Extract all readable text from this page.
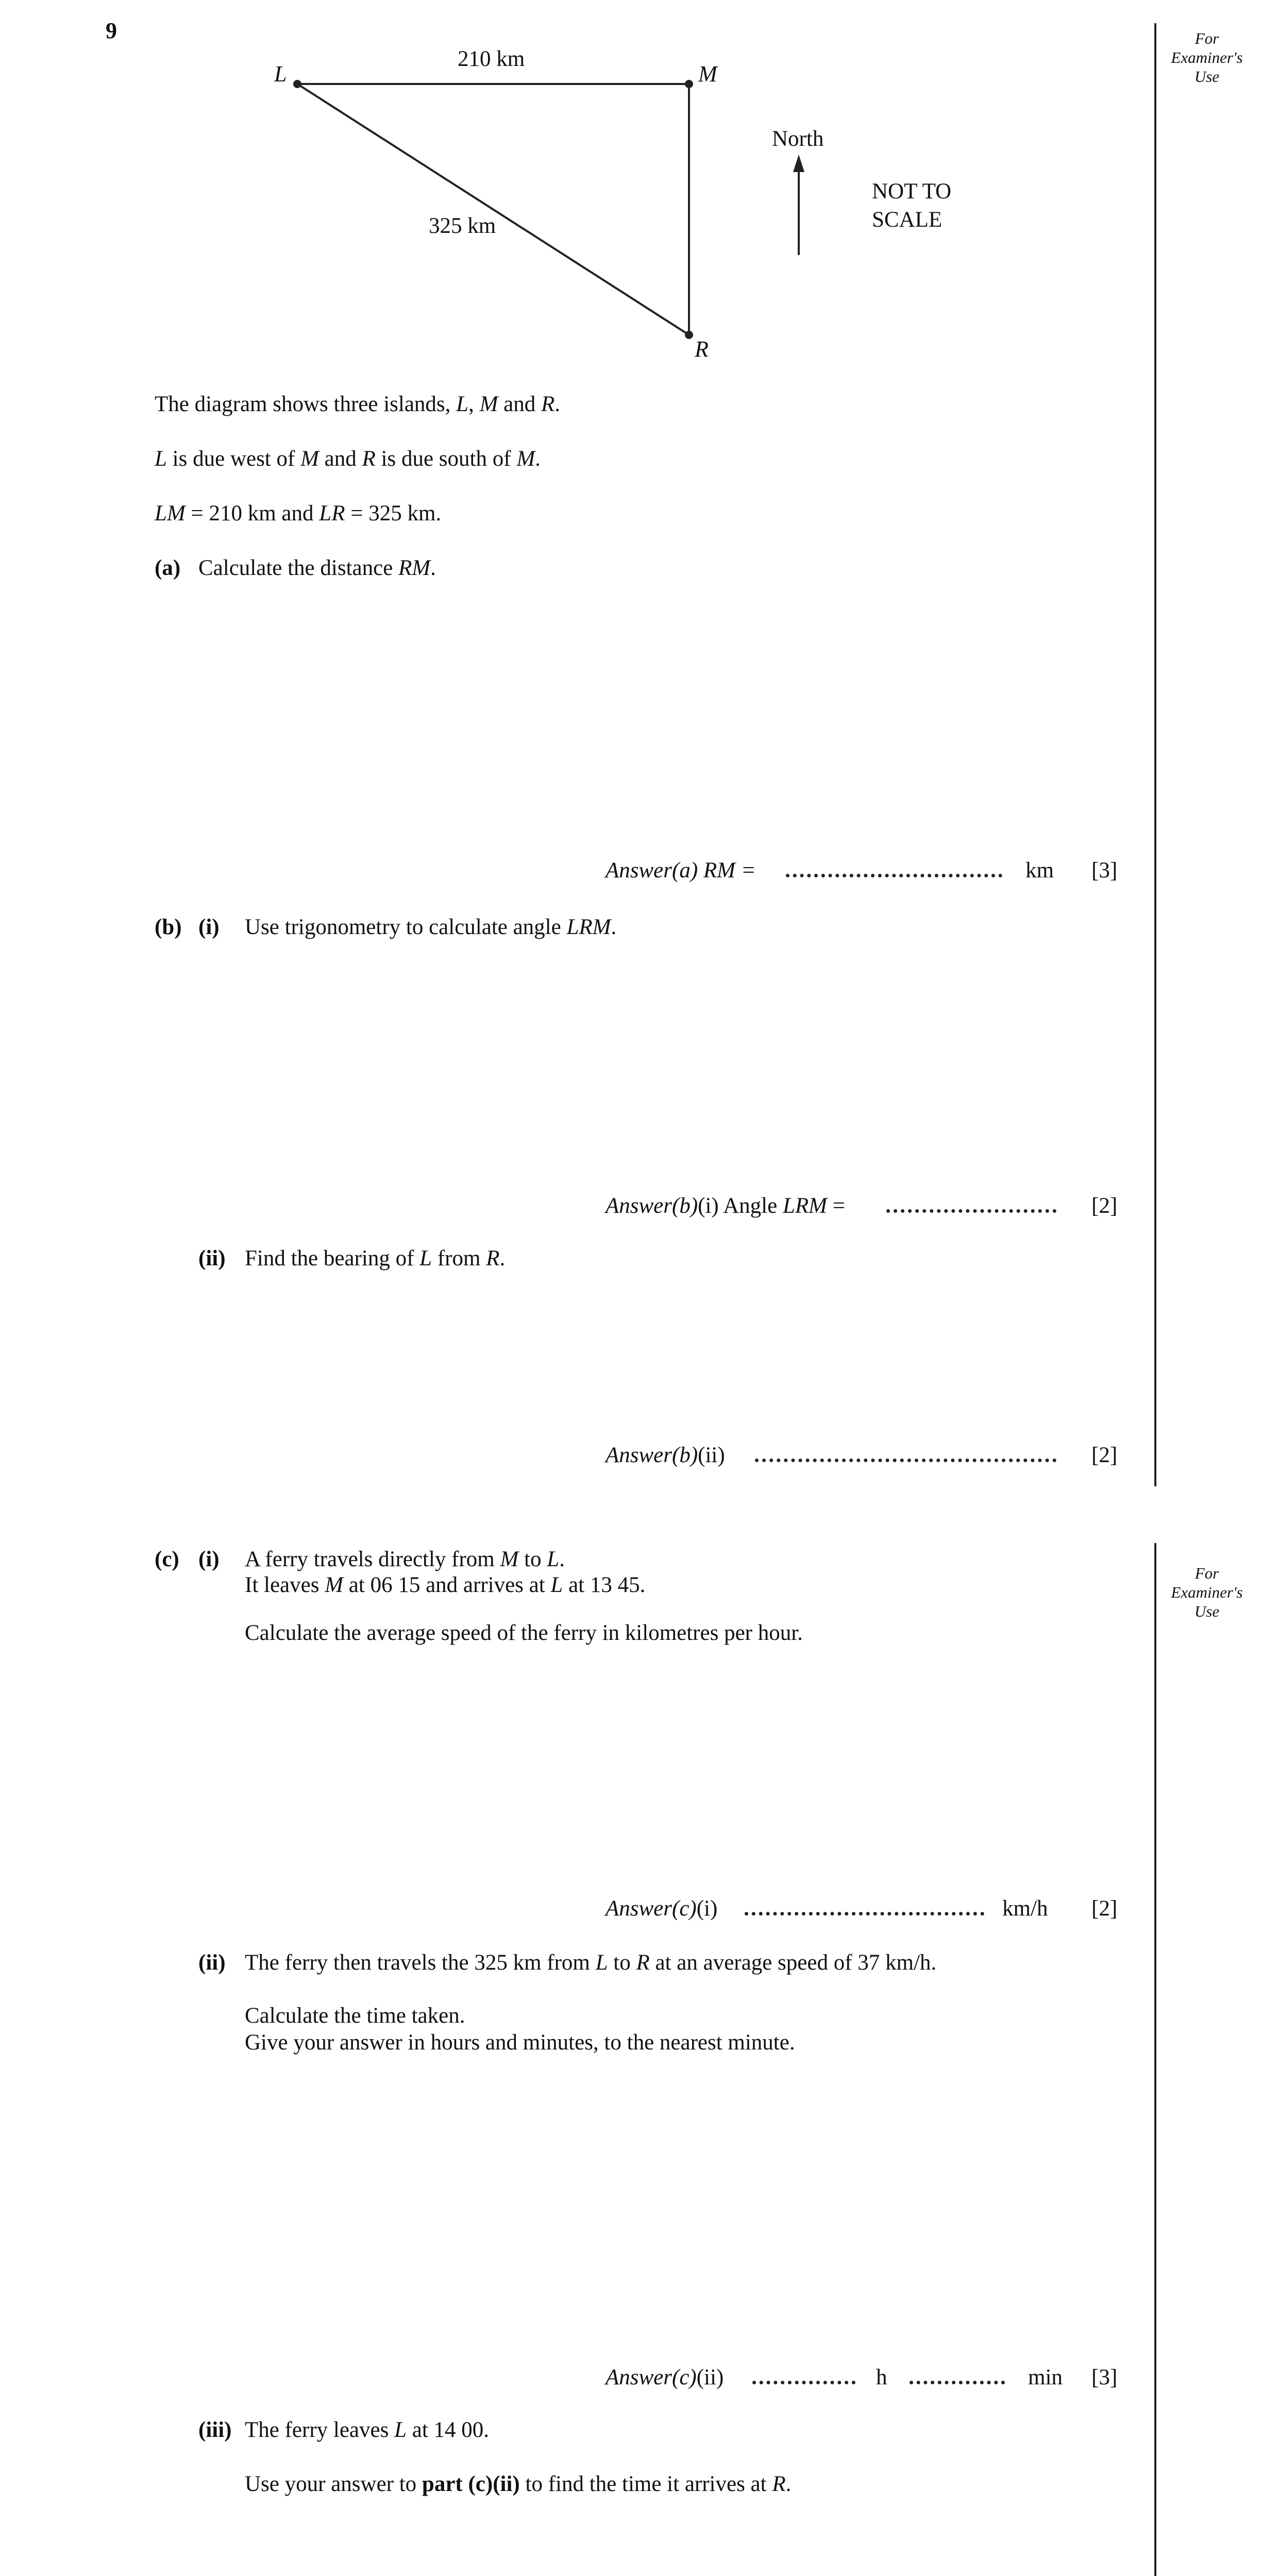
9	For
Examiner's
Use
For
Examiner's
Use
L	M
R
210 km
325 km
North
NOT TO
SCALE
The diagram shows three islands, L, M and R.
L is due west of M and R is due south of M.
LM = 210 km and LR = 325 km.
(a) Calculate the distance RM.
Answer(a) RM =	km [3]
(b) (i) Use trigonometry to calculate angle LRM.
Answer(b)(i) Angle LRM =	[2]
(ii) Find the bearing of L from R.
Answer(b)(ii)	[2]
(c) (i) A ferry travels directly from M to L.
It leaves M at 06 15 and arrives at L at 13 45.
Calculate the average speed of the ferry in kilometres per hour.
Answer(c)(i)	km/h [2]
(ii) The ferry then travels the 325 km from L to R at an average speed of 37 km/h.
Calculate the time taken.
Give your answer in hours and minutes, to the nearest minute.
Answer(c)(ii)	h	min [3]
(iii) The ferry leaves L at 14 00.
Use your answer to part (c)(ii) to find the time it arrives at R.
